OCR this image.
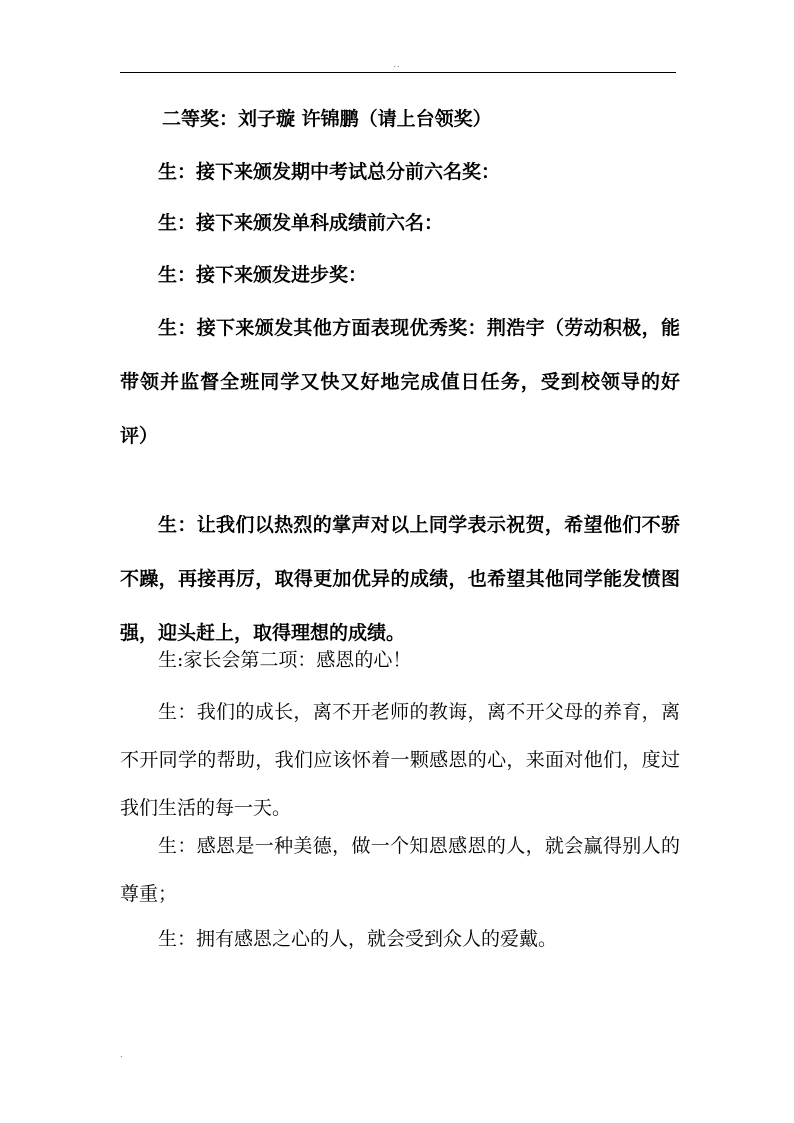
..

二等奖：刘子璇 许锦鹏（请上台领奖）

生：接下来颁发期中考试总分前六名奖：

生：接下来颁发单科成绩前六名：

生：接下来颁发进步奖：

生：接下来颁发其他方面表现优秀奖：荆浩宇（劳动积极，能带领并监督全班同学又快又好地完成值日任务，受到校领导的好评）

生：让我们以热烈的掌声对以上同学表示祝贺，希望他们不骄不躁，再接再厉，取得更加优异的成绩，也希望其他同学能发愤图强，迎头赶上，取得理想的成绩。

生:家长会第二项：感恩的心！

生：我们的成长，离不开老师的教诲，离不开父母的养育，离不开同学的帮助，我们应该怀着一颗感恩的心，来面对他们，度过我们生活的每一天。

生：感恩是一种美德，做一个知恩感恩的人，就会赢得别人的尊重；

生：拥有感恩之心的人，就会受到众人的爱戴。

.
